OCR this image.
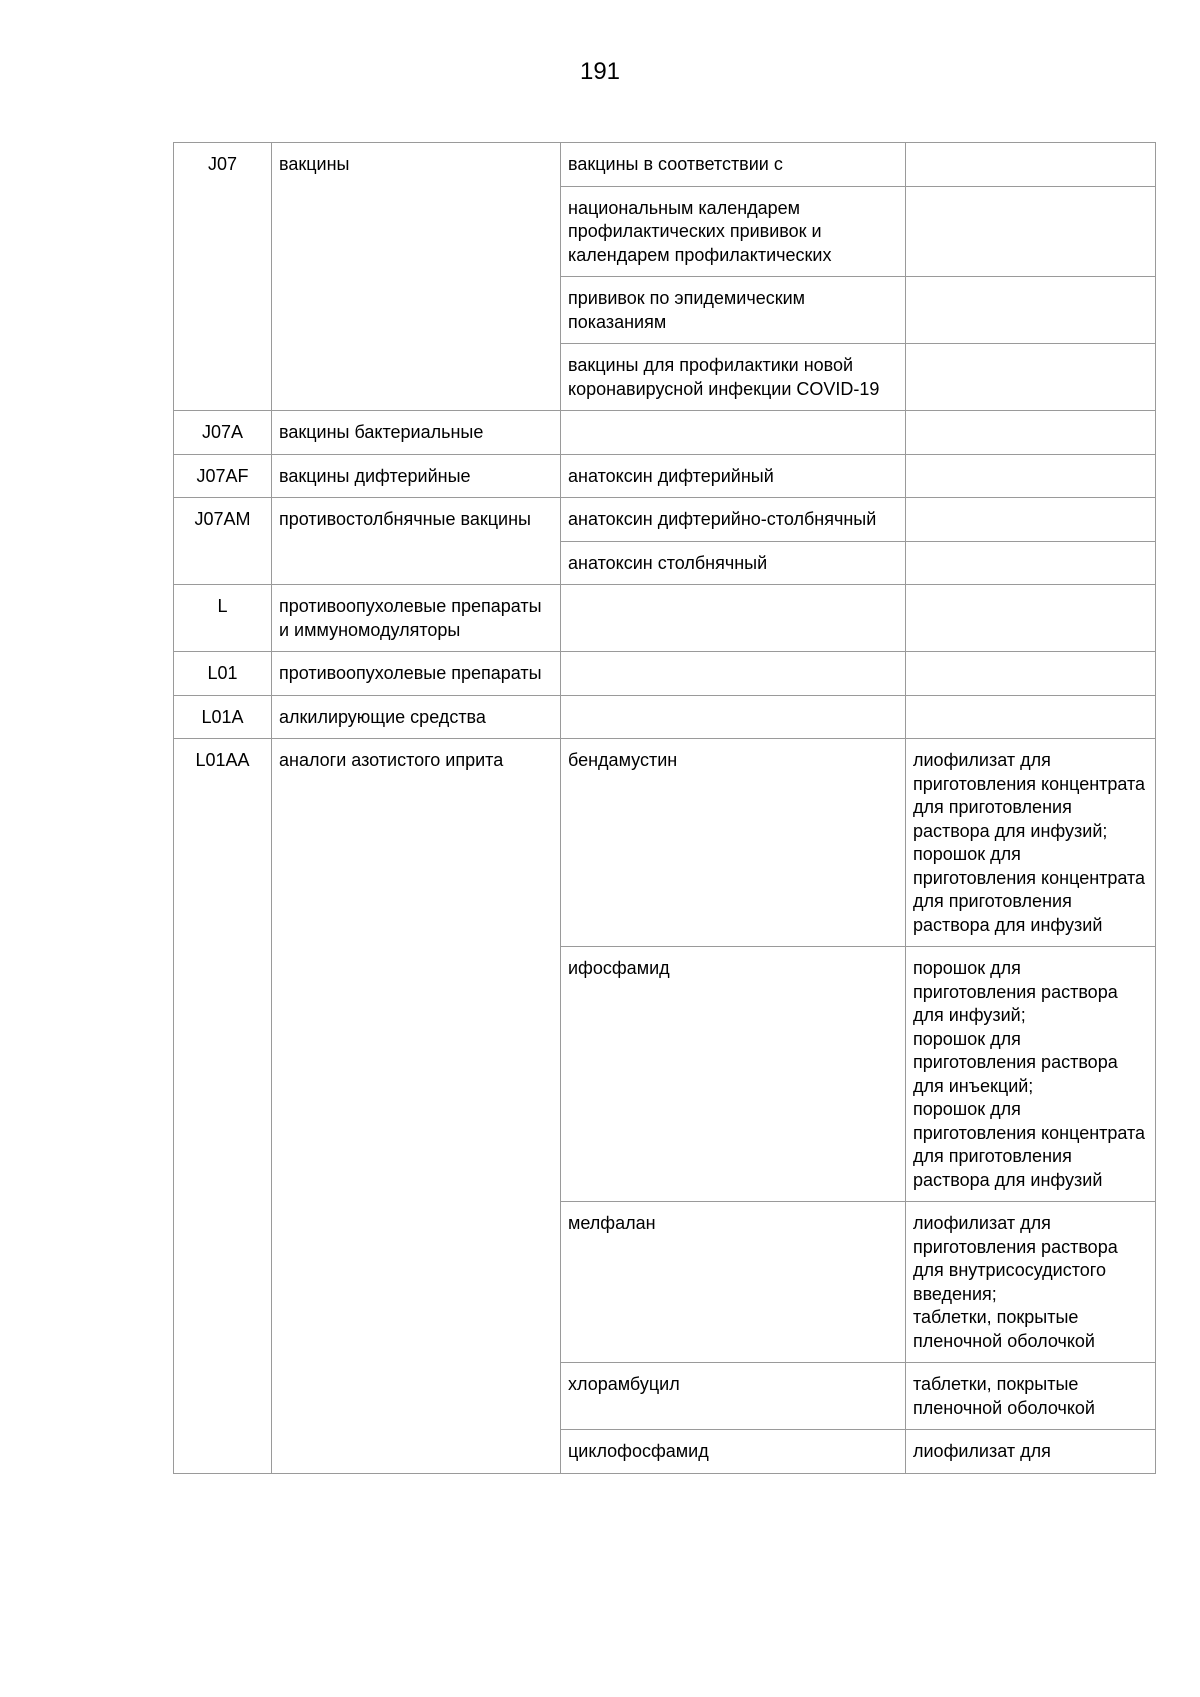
191
J07	вакцины	вакцины в соответствии с	
		национальным календарем профилактических прививок и календарем профилактических	
		прививок по эпидемическим показаниям	
		вакцины для профилактики новой коронавирусной инфекции COVID-19	
J07A	вакцины бактериальные		
J07AF	вакцины дифтерийные	анатоксин дифтерийный	
J07AM	противостолбнячные вакцины	анатоксин дифтерийно-столбнячный	
		анатоксин столбнячный	
L	противоопухолевые препараты и иммуномодуляторы		
L01	противоопухолевые препараты		
L01A	алкилирующие средства		
L01AA	аналоги азотистого иприта	бендамустин	лиофилизат для приготовления концентрата для приготовления раствора для инфузий;
порошок для приготовления концентрата для приготовления раствора для инфузий

		ифосфамид	порошок для приготовления раствора для инфузий;
порошок для приготовления раствора для инъекций;
порошок для приготовления концентрата для приготовления раствора для инфузий

		мелфалан	лиофилизат для приготовления раствора для внутрисосудистого введения;
таблетки, покрытые пленочной оболочкой

		хлорамбуцил	таблетки, покрытые пленочной оболочкой

		циклофосфамид	лиофилизат для
